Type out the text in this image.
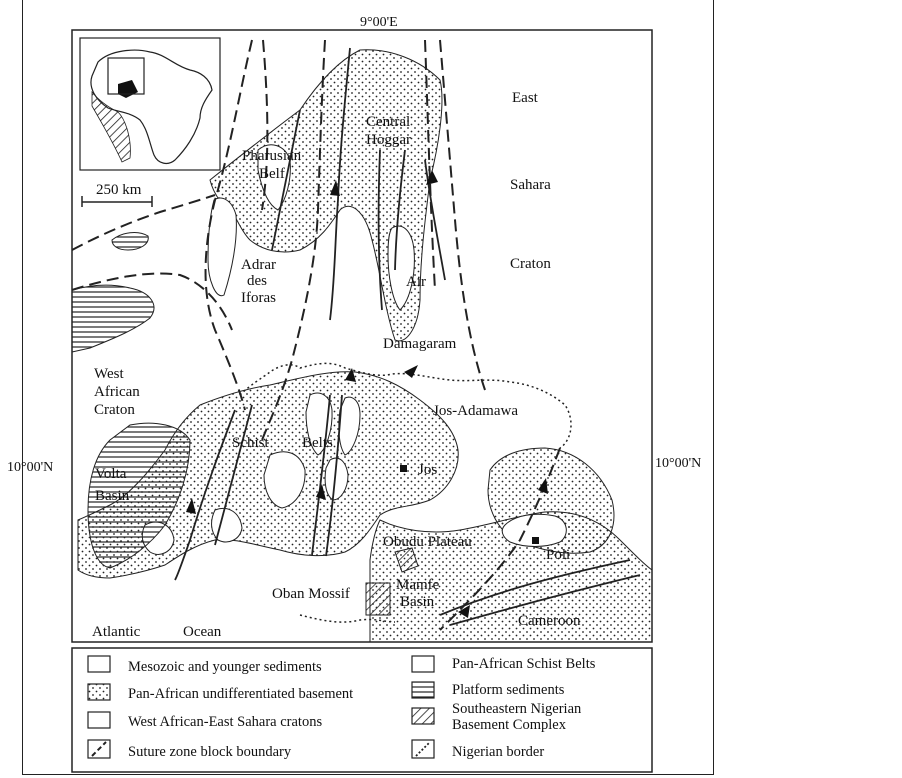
9°00'E
10°00'N	10°00'N
250 km
East
Sahara
Craton
Central
Hoggar
Pharusian
Belf
Adrar
des
Iforas
Air
Damagaram
West
African
Craton	Jos-Adamawa
Schist Belts
Volta
Basin
Jos
Obudu Plateau
Mamfe
Basin
Poli
Oban Mossif
Atlantic	Ocean
Cameroon
Mesozoic and younger sediments
Pan-African undifferentiated basement
West African-East Sahara cratons
Suture zone block boundary
Pan-African Schist Belts
Platform sediments
Southeastern Nigerian
Basement Complex
Nigerian border
